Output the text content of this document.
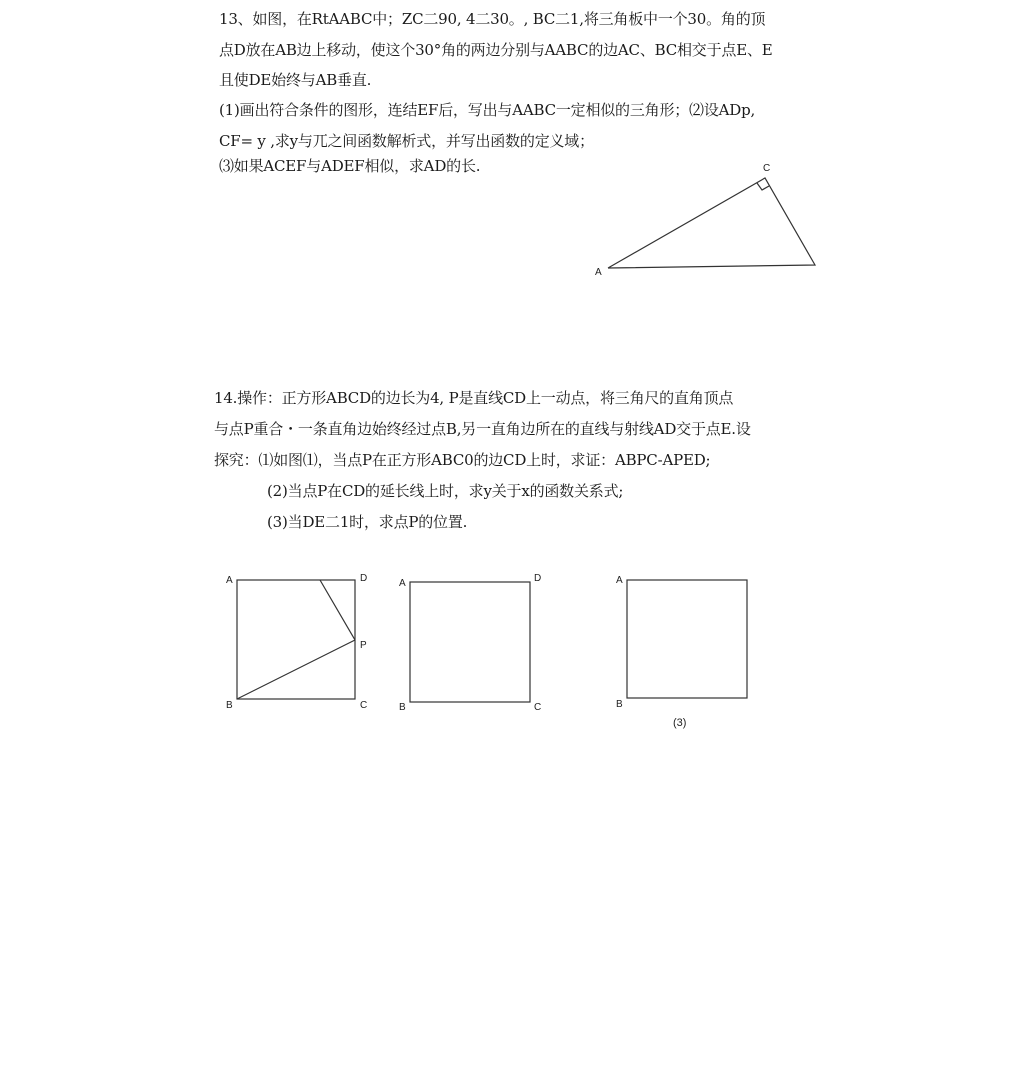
13、如图，在RtAABC中；ZC二90, 4二30。, BC二1,将三角板中一个30。角的顶
点D放在AB边上移动，使这个30°角的两边分别与AABC的边AC、BC相交于点E、E
且使DE始终与AB垂直.
(1)画出符合条件的图形，连结EF后，写出与AABC一定相似的三角形；⑵设ADp,
CF= y ,求y与兀之间函数解析式，并写出函数的定义域；
⑶如果ACEF与ADEF相似，求AD的长.
A
C
A	D
P
B	C
A	D
B	C
A
B
(3)
14.操作：正方形ABCD的边长为4, P是直线CD上一动点，将三角尺的直角顶点
与点P重合・一条直角边始终经过点B,另一直角边所在的直线与射线AD交于点E.设
探究：⑴如图⑴，当点P在正方形ABC0的边CD上时，求证：ABPC-APED;
(2)当点P在CD的延长线上时，求y关于x的函数关系式;
(3)当DE二1时，求点P的位置.
